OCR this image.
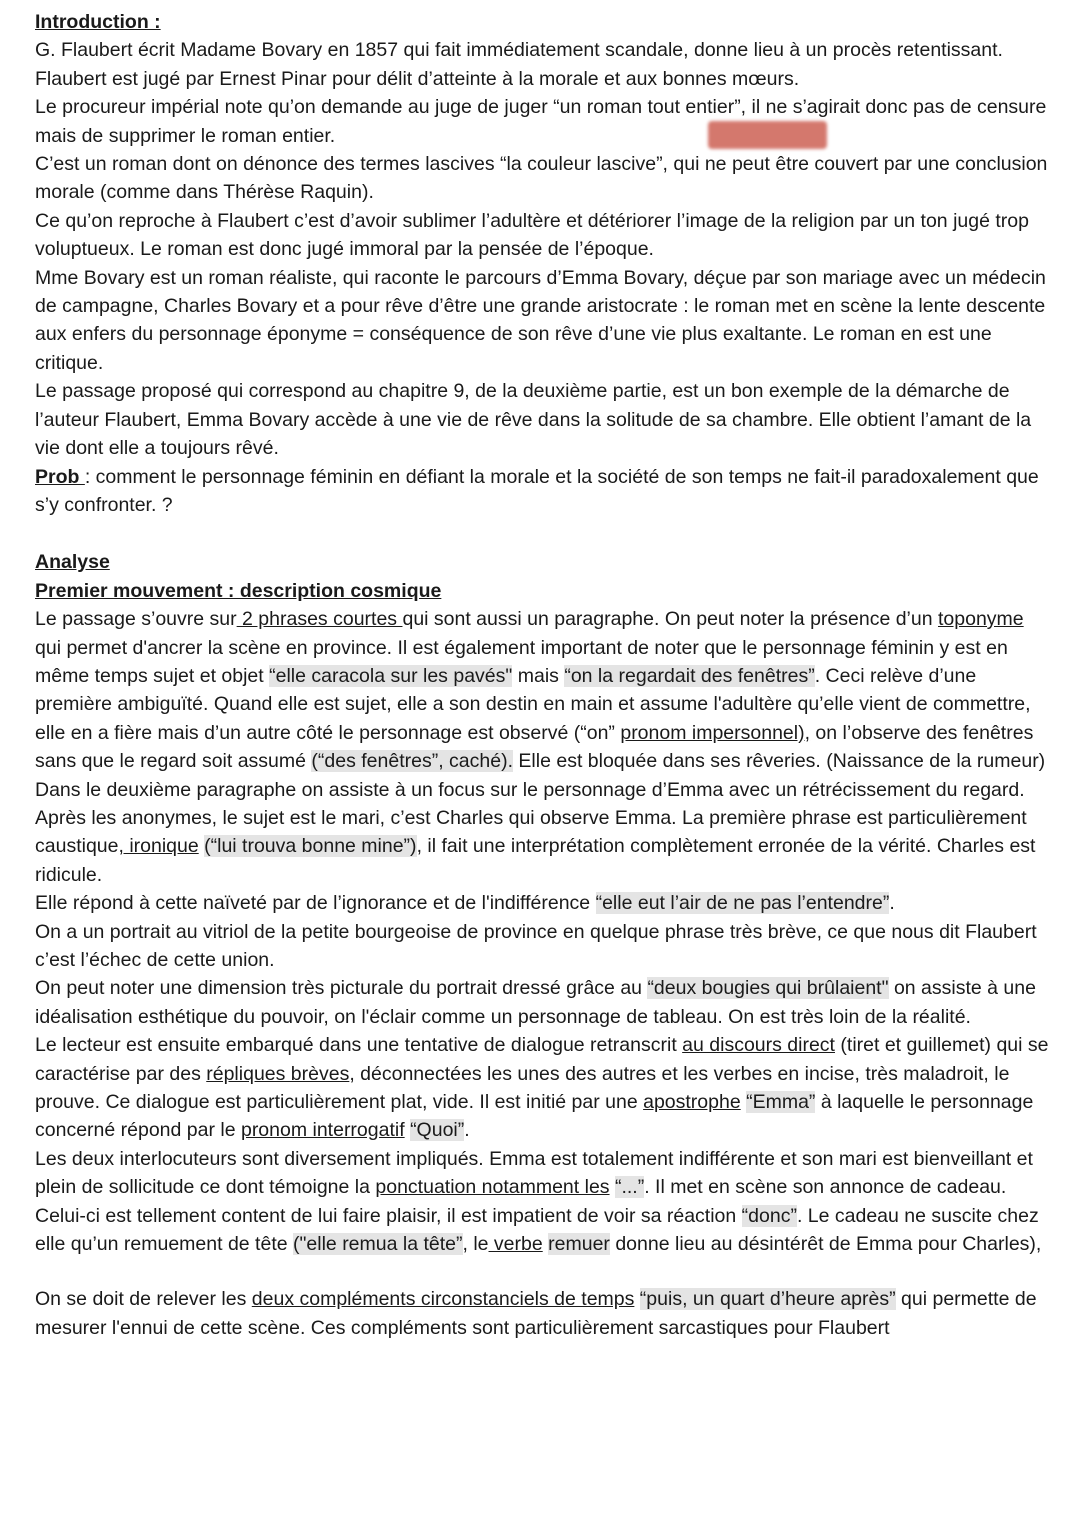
Introduction :

G. Flaubert écrit Madame Bovary en 1857 qui fait immédiatement scandale, donne lieu à un procès retentissant. Flaubert est jugé par Ernest Pinar pour délit d’atteinte à la morale et aux bonnes mœurs.

Le procureur impérial note qu’on demande au juge de juger “un roman tout entier”, il ne s’agirait donc pas de censure mais de supprimer le roman entier.

C’est un roman dont on dénonce des termes lascives “la couleur lascive”, qui ne peut être couvert par une conclusion morale (comme dans Thérèse Raquin).

Ce qu’on reproche à Flaubert c’est d’avoir sublimer l’adultère et détériorer l’image de la religion par un ton jugé trop voluptueux. Le roman est donc jugé immoral par la pensée de l’époque.

Mme Bovary est un roman réaliste, qui raconte le parcours d’Emma Bovary, déçue par son mariage avec un médecin de campagne, Charles Bovary et a pour rêve d’être une grande aristocrate : le roman met en scène la lente descente aux enfers du personnage éponyme = conséquence de son rêve d’une vie plus exaltante. Le roman en est une critique.

Le passage proposé qui correspond au chapitre 9, de la deuxième partie, est un bon exemple de la démarche de l’auteur Flaubert, Emma Bovary accède à une vie de rêve dans la solitude de sa chambre. Elle obtient l’amant de la vie dont elle a toujours rêvé.

Prob : comment le personnage féminin en défiant la morale et la société de son temps ne fait-il paradoxalement que s’y confronter. ?

Analyse

Premier mouvement : description cosmique

Le passage s’ouvre sur 2 phrases courtes qui sont aussi un paragraphe. On peut noter la présence d’un toponyme qui permet d'ancrer la scène en province. Il est également important de noter que le personnage féminin y est en même temps sujet et objet “elle caracola sur les pavés" mais “on la regardait des fenêtres”. Ceci relève d’une première ambiguïté. Quand elle est sujet, elle a son destin en main et assume l'adultère qu’elle vient de commettre, elle en a fière mais d’un autre côté le personnage est observé (“on” pronom impersonnel), on l’observe des fenêtres sans que le regard soit assumé (“des fenêtres”, caché). Elle est bloquée dans ses rêveries. (Naissance de la rumeur)

Dans le deuxième paragraphe on assiste à un focus sur le personnage d’Emma avec un rétrécissement du regard. Après les anonymes, le sujet est le mari, c’est Charles qui observe Emma. La première phrase est particulièrement caustique, ironique (“lui trouva bonne mine”), il fait une interprétation complètement erronée de la vérité. Charles est ridicule.

Elle répond à cette naïveté par de l’ignorance et de l'indifférence “elle eut l’air de ne pas l’entendre”.

On a un portrait au vitriol de la petite bourgeoise de province en quelque phrase très brève, ce que nous dit Flaubert c’est l’échec de cette union.

On peut noter une dimension très picturale du portrait dressé grâce au “deux bougies qui brûlaient" on assiste à une idéalisation esthétique du pouvoir, on l'éclair comme un personnage de tableau. On est très loin de la réalité.

Le lecteur est ensuite embarqué dans une tentative de dialogue retranscrit au discours direct (tiret et guillemet) qui se caractérise par des répliques brèves, déconnectées les unes des autres et les verbes en incise, très maladroit, le prouve. Ce dialogue est particulièrement plat, vide. Il est initié par une apostrophe “Emma” à laquelle le personnage concerné répond par le pronom interrogatif “Quoi”.

Les deux interlocuteurs sont diversement impliqués. Emma est totalement indifférente et son mari est bienveillant et plein de sollicitude ce dont témoigne la ponctuation notamment les “...”. Il met en scène son annonce de cadeau. Celui-ci est tellement content de lui faire plaisir, il est impatient de voir sa réaction “donc”. Le cadeau ne suscite chez elle qu’un remuement de tête ("elle remua la tête”, le verbe remuer donne lieu au désintérêt de Emma pour Charles),

On se doit de relever les deux compléments circonstanciels de temps “puis, un quart d’heure après” qui permette de mesurer l'ennui de cette scène. Ces compléments sont particulièrement sarcastiques pour Flaubert
